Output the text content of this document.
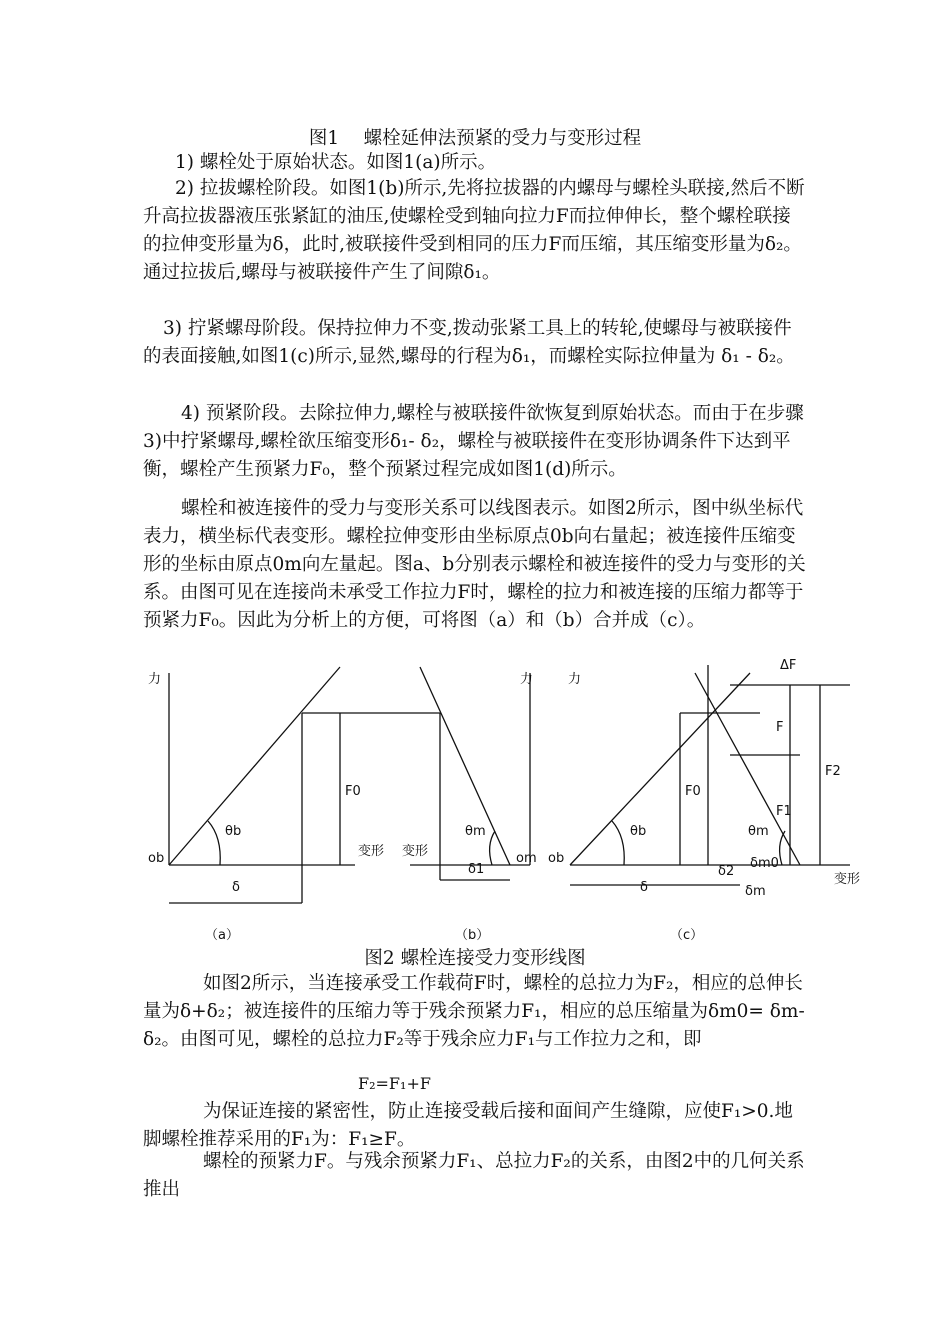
图1　 螺栓延伸法预紧的受力与变形过程

1) 螺栓处于原始状态。如图1(a)所示。

2) 拉拔螺栓阶段。如图1(b)所示,先将拉拔器的内螺母与螺栓头联接,然后不断升高拉拔器液压张紧缸的油压,使螺栓受到轴向拉力F而拉伸伸长，整个螺栓联接的拉伸变形量为δ，此时,被联接件受到相同的压力F而压缩，其压缩变形量为δ₂。通过拉拔后,螺母与被联接件产生了间隙δ₁。

3) 拧紧螺母阶段。保持拉伸力不变,拨动张紧工具上的转轮,使螺母与被联接件的表面接触,如图1(c)所示,显然,螺母的行程为δ₁，而螺栓实际拉伸量为 δ₁ - δ₂。

4) 预紧阶段。去除拉伸力,螺栓与被联接件欲恢复到原始状态。而由于在步骤3)中拧紧螺母,螺栓欲压缩变形δ₁- δ₂，螺栓与被联接件在变形协调条件下达到平衡，螺栓产生预紧力F₀，整个预紧过程完成如图1(d)所示。

螺栓和被连接件的受力与变形关系可以线图表示。如图2所示，图中纵坐标代表力，横坐标代表变形。螺栓拉伸变形由坐标原点0b向右量起；被连接件压缩变形的坐标由原点0m向左量起。图a、b分别表示螺栓和被连接件的受力与变形的关系。由图可见在连接尚未承受工作拉力F时，螺栓的拉力和被连接的压缩力都等于预紧力F₀。因此为分析上的方便，可将图（a）和（b）合并成（c）。

力
ob	变形
δ
F0
θb
力
变形	om
δ1
θm
力
ob
变形
δ
F0
F
F1
F2
ΔF
θb	θm
δ2
δm0
δm
（a）	（b）	（c）

图2 螺栓连接受力变形线图

如图2所示，当连接承受工作载荷F时，螺栓的总拉力为F₂，相应的总伸长量为δ+δ₂；被连接件的压缩力等于残余预紧力F₁，相应的总压缩量为δm0= δm- δ₂。由图可见，螺栓的总拉力F₂等于残余应力F₁与工作拉力之和，即

F₂=F₁+F

为保证连接的紧密性，防止连接受载后接和面间产生缝隙，应使F₁>0.地脚螺栓推荐采用的F₁为：F₁≥F。

螺栓的预紧力F。与残余预紧力F₁、总拉力F₂的关系，由图2中的几何关系推出
